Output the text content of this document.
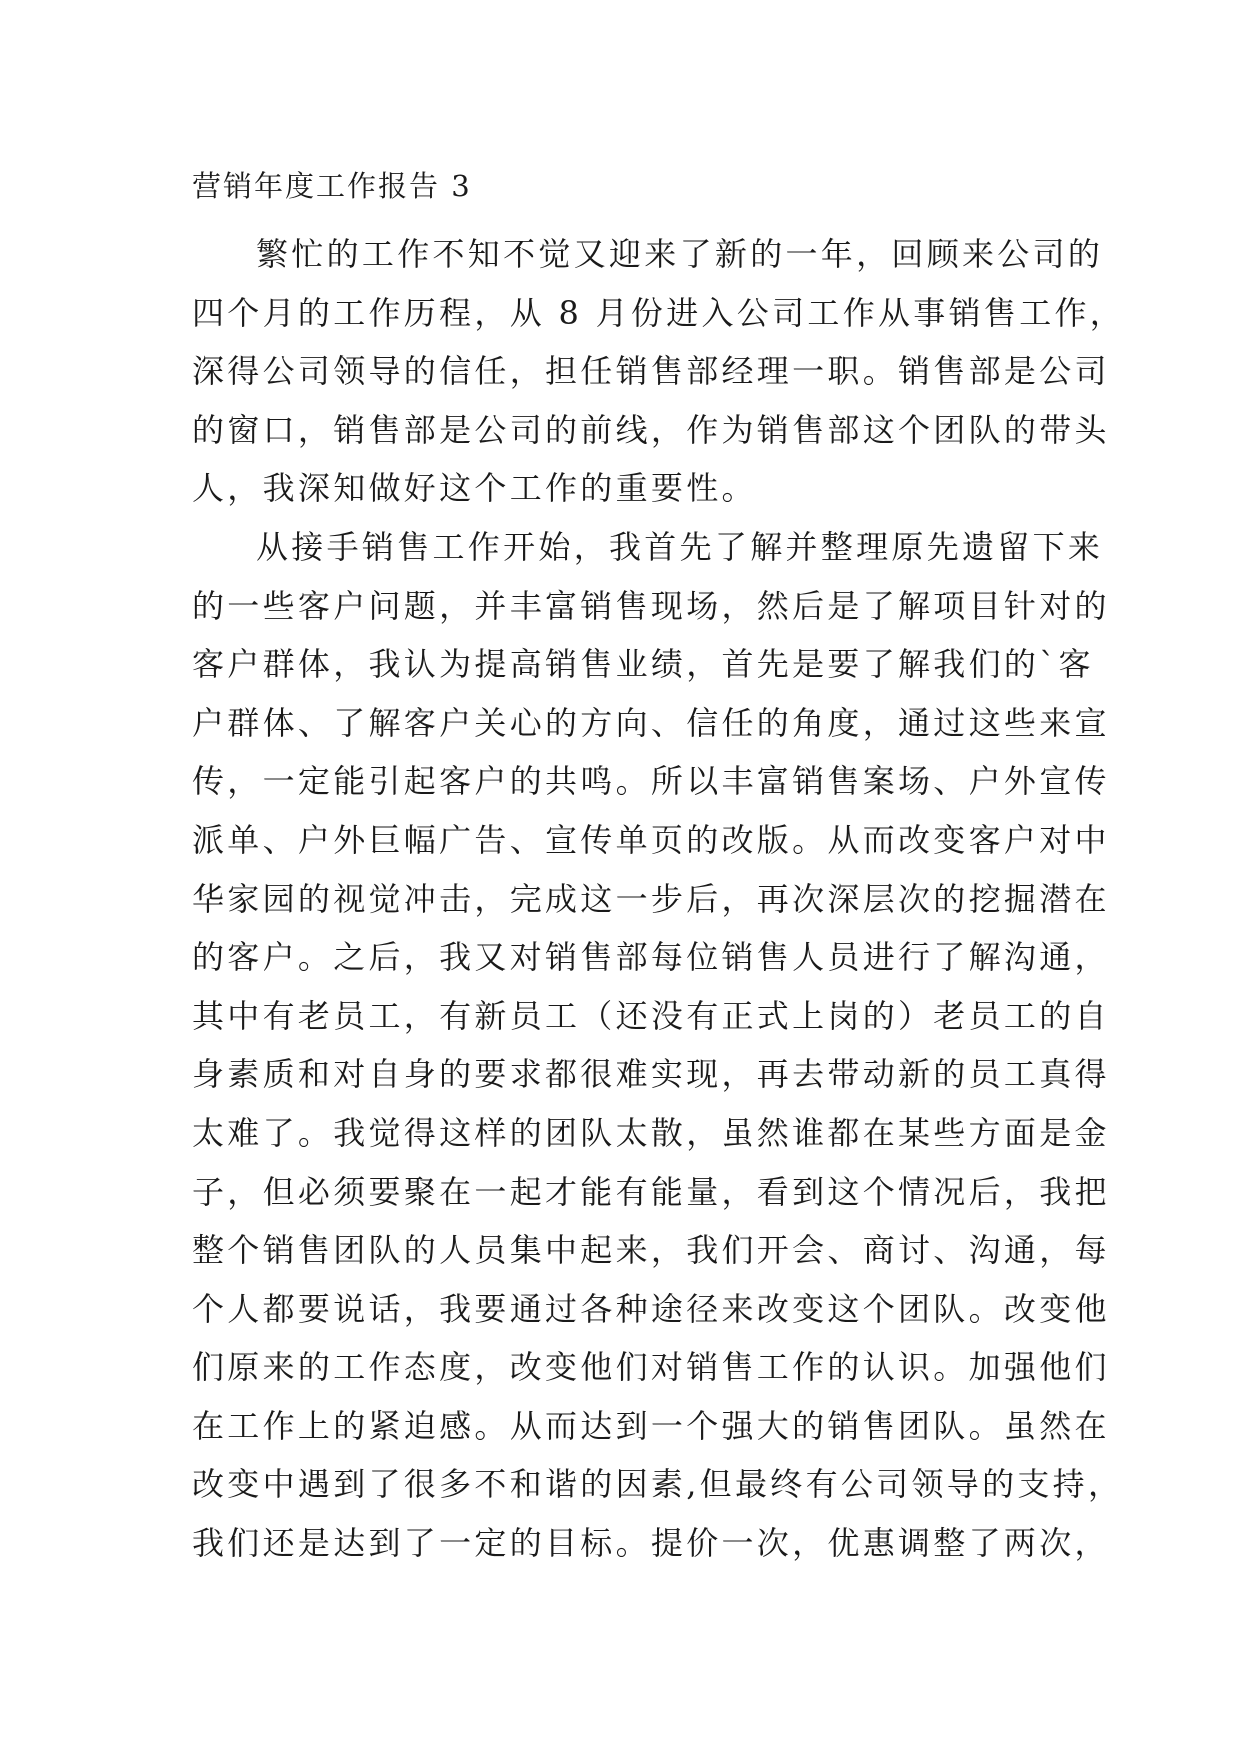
营销年度工作报告 3
繁忙的工作不知不觉又迎来了新的一年，回顾来公司的
四个月的工作历程，从 8 月份进入公司工作从事销售工作，
深得公司领导的信任，担任销售部经理一职。销售部是公司
的窗口，销售部是公司的前线，作为销售部这个团队的带头
人，我深知做好这个工作的重要性。
从接手销售工作开始，我首先了解并整理原先遗留下来
的一些客户问题，并丰富销售现场，然后是了解项目针对的
客户群体，我认为提高销售业绩，首先是要了解我们的`客
户群体、了解客户关心的方向、信任的角度，通过这些来宣
传，一定能引起客户的共鸣。所以丰富销售案场、户外宣传
派单、户外巨幅广告、宣传单页的改版。从而改变客户对中
华家园的视觉冲击，完成这一步后，再次深层次的挖掘潜在
的客户。之后，我又对销售部每位销售人员进行了解沟通，
其中有老员工，有新员工（还没有正式上岗的）老员工的自
身素质和对自身的要求都很难实现，再去带动新的员工真得
太难了。我觉得这样的团队太散，虽然谁都在某些方面是金
子，但必须要聚在一起才能有能量，看到这个情况后，我把
整个销售团队的人员集中起来，我们开会、商讨、沟通，每
个人都要说话，我要通过各种途径来改变这个团队。改变他
们原来的工作态度，改变他们对销售工作的认识。加强他们
在工作上的紧迫感。从而达到一个强大的销售团队。虽然在
改变中遇到了很多不和谐的因素,但最终有公司领导的支持，
我们还是达到了一定的目标。提价一次，优惠调整了两次，
